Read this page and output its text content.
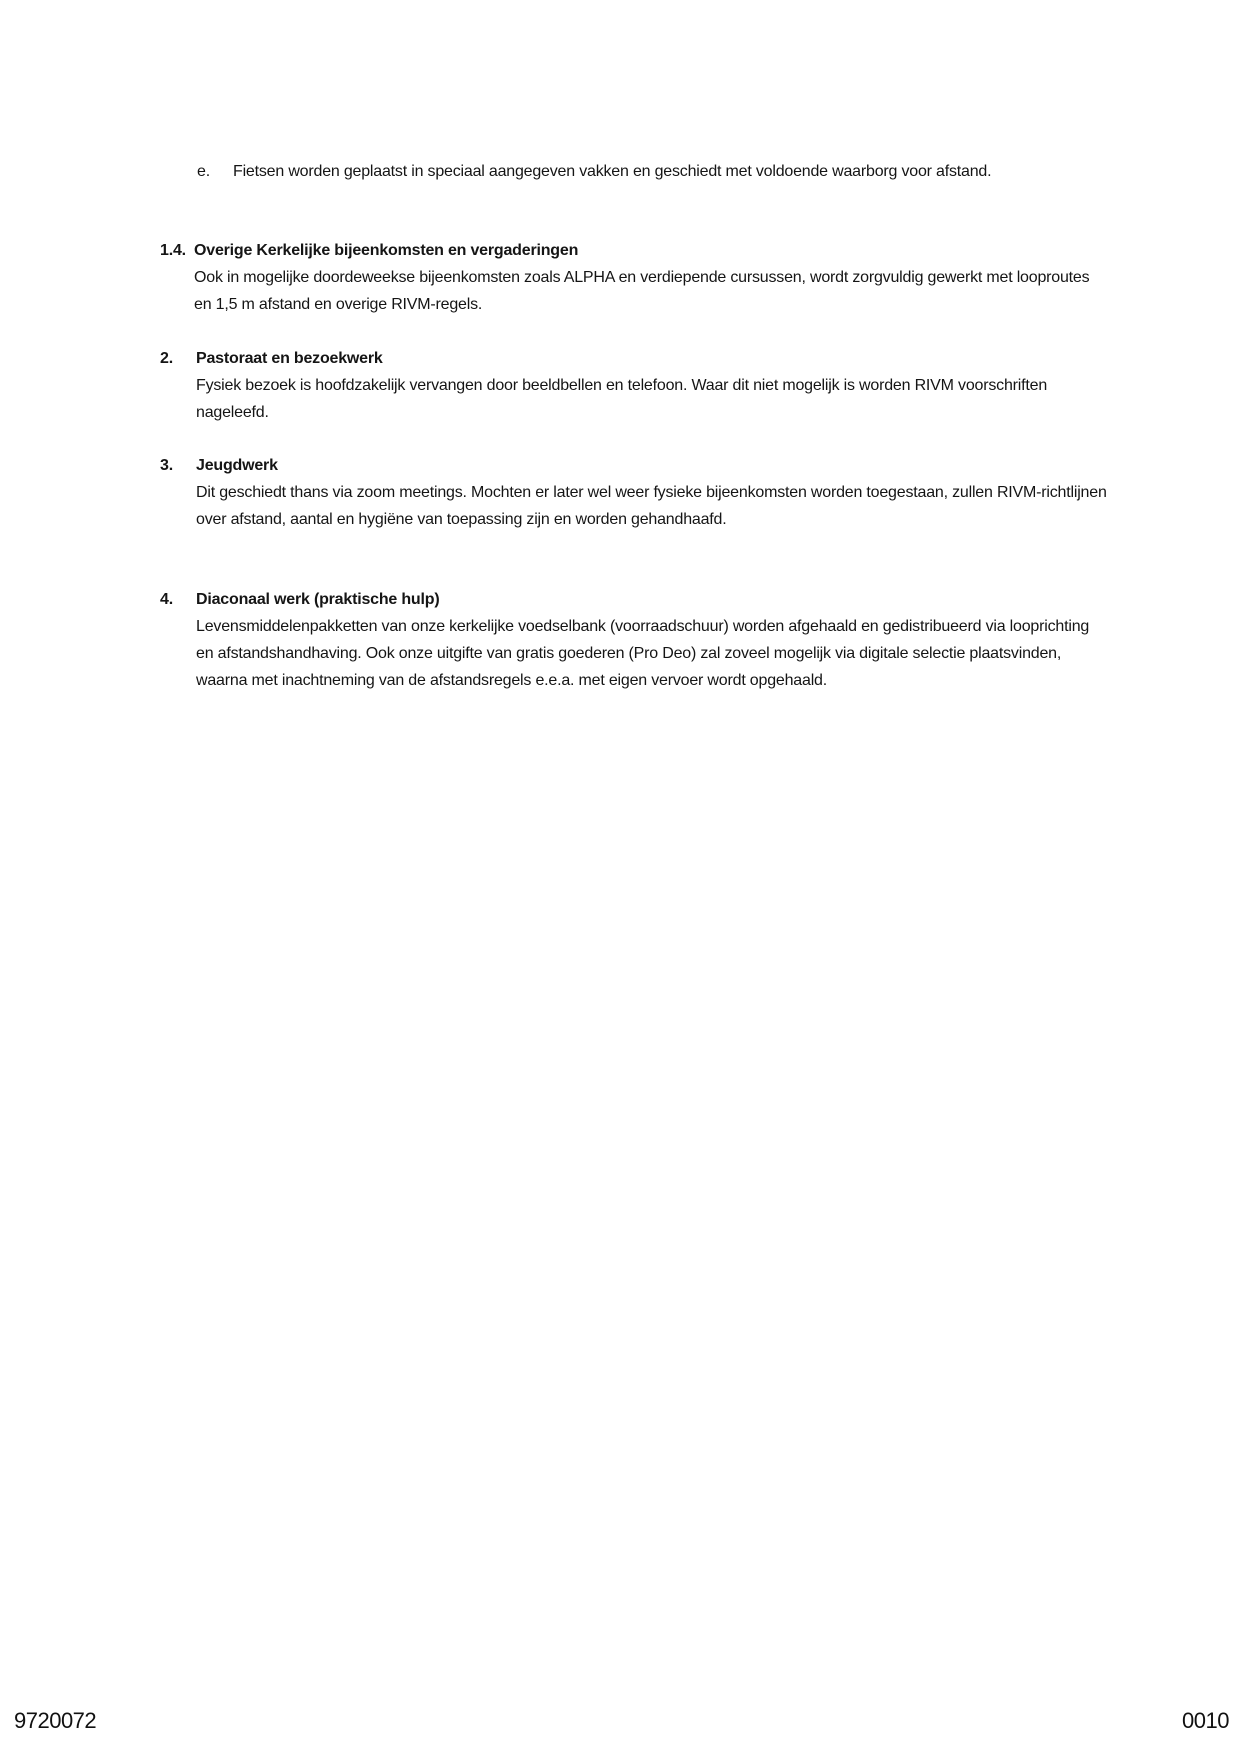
e. Fietsen worden geplaatst in speciaal aangegeven vakken en geschiedt met voldoende waarborg voor afstand.
1.4. Overige Kerkelijke bijeenkomsten en vergaderingen
Ook in mogelijke doordeweekse bijeenkomsten zoals ALPHA en verdiepende cursussen, wordt zorgvuldig gewerkt met looproutes en 1,5 m afstand en overige RIVM-regels.
2. Pastoraat en bezoekwerk
Fysiek bezoek is hoofdzakelijk vervangen door beeldbellen en telefoon. Waar dit niet mogelijk is worden RIVM voorschriften nageleefd.
3. Jeugdwerk
Dit geschiedt thans via zoom meetings. Mochten er later wel weer fysieke bijeenkomsten worden toegestaan, zullen RIVM-richtlijnen over afstand, aantal en hygiëne van toepassing zijn en worden gehandhaafd.
4. Diaconaal werk (praktische hulp)
Levensmiddelenpakketten van onze kerkelijke voedselbank (voorraadschuur) worden afgehaald en gedistribueerd via looprichting en afstandshandhaving. Ook onze uitgifte van gratis goederen (Pro Deo) zal zoveel mogelijk via digitale selectie plaatsvinden, waarna met inachtneming van de afstandsregels e.e.a. met eigen vervoer wordt opgehaald.
9720072	0010
